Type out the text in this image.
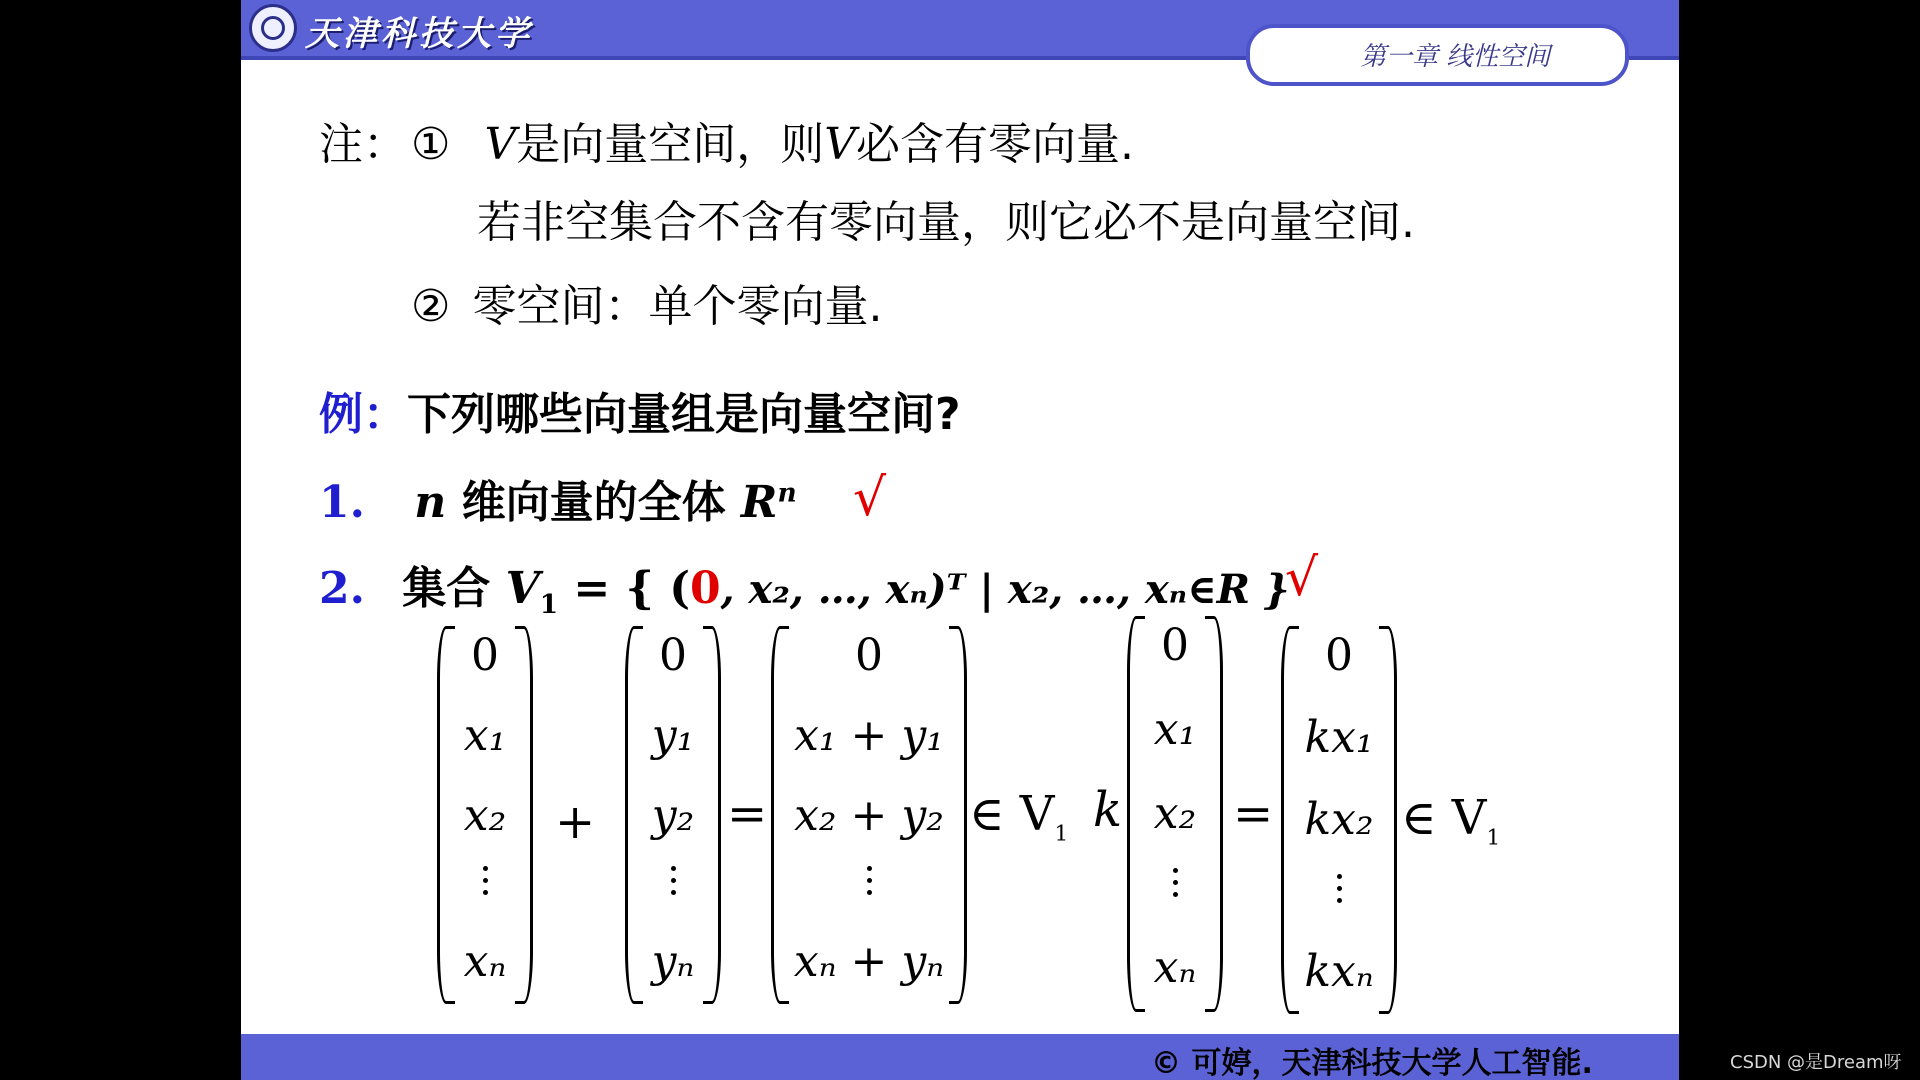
天津科技大学
第一章 线性空间
注：① V是向量空间，则V必含有零向量.
若非空集合不含有零向量，则它必不是向量空间.
② 零空间：单个零向量.
例：下列哪些向量组是向量空间?
1. n 维向量的全体 $R^n$ √
2. 集合 $V_1$ = { (0, x₂, …, xₙ)ᵀ | x₂, …, xₙ∈R }
√
0
x₁
x₂
xₙ
+
0
y₁
y₂
yₙ
=
0
x₁ + y₁
x₂ + y₂
xₙ + yₙ
∈ $V_1$ k
0
x₁
x₂
xₙ
=
0
kx₁
kx₂
kxₙ
∈ $V_1$
© 可婷，天津科技大学人工智能.	CSDN @是Dream呀
